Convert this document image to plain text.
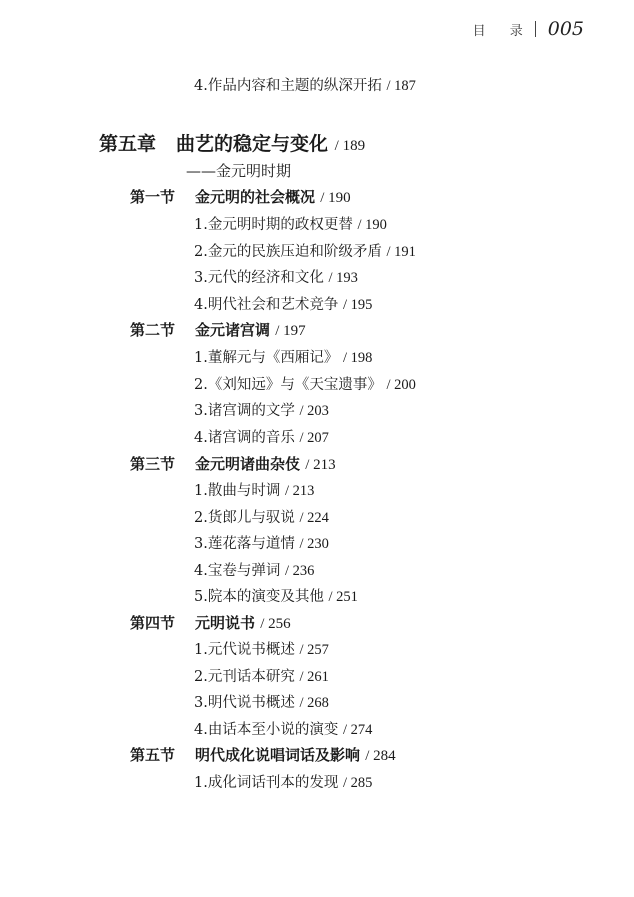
目 录 005
4.作品内容和主题的纵深开拓 / 187
第五章 曲艺的稳定与变化 / 189
——金元明时期
第一节 金元明的社会概况 / 190
1.金元明时期的政权更替 / 190
2.金元的民族压迫和阶级矛盾 / 191
3.元代的经济和文化 / 193
4.明代社会和艺术竞争 / 195
第二节 金元诸宫调 / 197
1.董解元与《西厢记》 / 198
2.《刘知远》与《天宝遗事》 / 200
3.诸宫调的文学 / 203
4.诸宫调的音乐 / 207
第三节 金元明诸曲杂伎 / 213
1.散曲与时调 / 213
2.货郎儿与驭说 / 224
3.莲花落与道情 / 230
4.宝卷与弹词 / 236
5.院本的演变及其他 / 251
第四节 元明说书 / 256
1.元代说书概述 / 257
2.元刊话本研究 / 261
3.明代说书概述 / 268
4.由话本至小说的演变 / 274
第五节 明代成化说唱词话及影响 / 284
1.成化词话刊本的发现 / 285
